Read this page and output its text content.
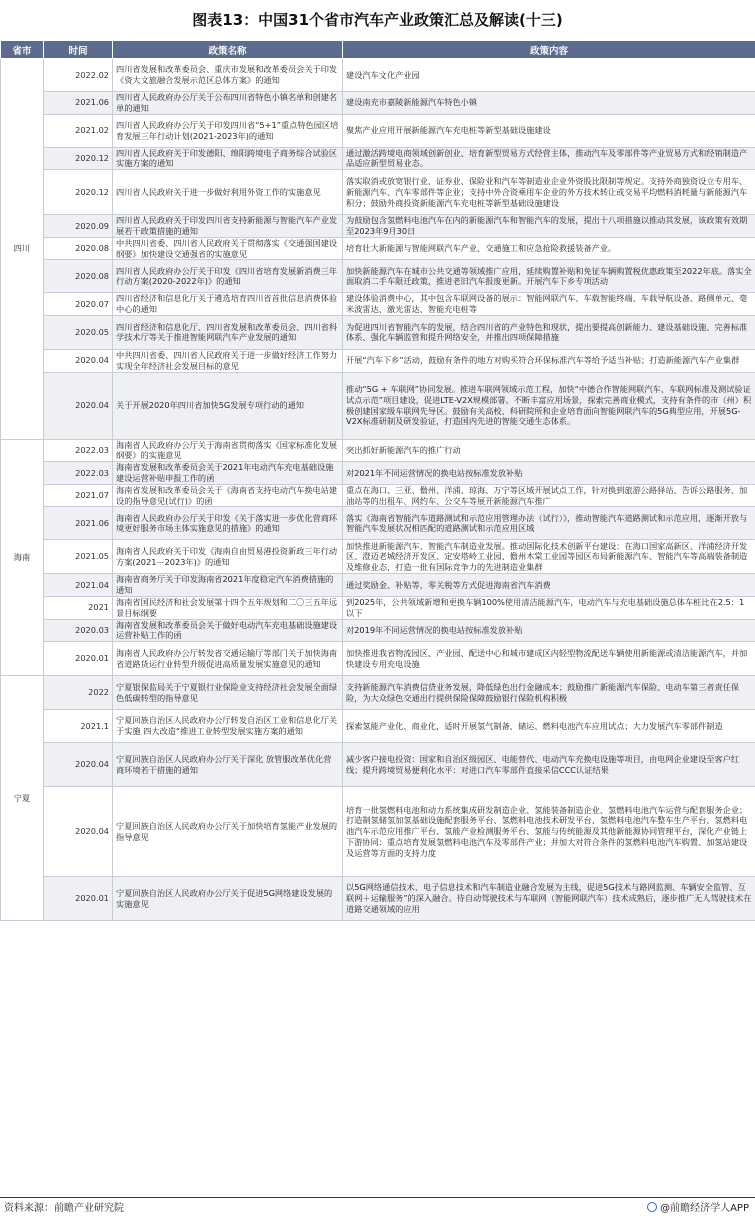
图表13：中国31个省市汽车产业政策汇总及解读(十三)
省市	时间	政策名称	政策内容
四川	2022.02	四川省发展和改革委员会、重庆市发展和改革委员会关于印发《资大文旅融合发展示范区总体方案》的通知	建设汽车文化产业园
	2021.06	四川省人民政府办公厅关于公布四川省特色小镇名单和创建名单的通知	建设南充市嘉陵新能源汽车特色小镇
	2021.02	四川省人民政府办公厅关于印发四川省“5+1”重点特色园区培育发展三年行动计划(2021-2023年)的通知	聚焦产业应用开展新能源汽车充电桩等新型基础设施建设
	2020.12	四川省人民政府关于印发德阳、绵阳跨境电子商务综合试验区实施方案的通知	通过激活跨境电商领域创新创业、培育新型贸易方式经营主体，推动汽车及零部件等产业贸易方式和经销制造产品适应新型贸易业态。
	2020.12	四川省人民政府关于进一步做好利用外资工作的实施意见	落实取消或放宽银行业、证券业、保险业和汽车等制造业企业外资股比限制等规定。支持外商独资设立专用车、新能源汽车、汽车零部件等企业；支持中外合资乘用车企业的外方技术转让或交易平均燃料消耗量与新能源汽车积分；鼓励外商投资新能源汽车充电桩等新型基础设施建设
	2020.09	四川省人民政府关于印发四川省支持新能源与智能汽车产业发展若干政策措施的通知	为鼓励包含氢燃料电池汽车在内的新能源汽车和智能汽车的发展，提出十八项措施以推动其发展，该政策有效期至2023年9月30日
	2020.08	中共四川省委、四川省人民政府关于贯彻落实《交通强国建设纲要》加快建设交通强省的实施意见	培育壮大新能源与智能网联汽车产业、交通施工和应急抢险救援装备产业。
	2020.08	四川省人民政府办公厅关于印发《四川省培育发展新消费三年行动方案(2020-2022年)》的通知	加快新能源汽车在城市公共交通等领域推广应用，延续购置补贴和免征车辆购置税优惠政策至2022年底。落实全面取消二手车限迁政策，推进老旧汽车报废更新。开展汽车下乡专项活动
	2020.07	四川省经济和信息化厅关于遴选培育四川省首批信息消费体验中心的通知	建设体验消费中心，其中包含车联网设备的展示：智能网联汽车、车载智能终端、车载导航设备、路侧单元、毫米波雷达、激光雷达、智能充电桩等
	2020.05	四川省经济和信息化厅、四川省发展和改革委员会、四川省科学技术厅等关于推进智能网联汽车产业发展的通知	为促进四川省智能汽车的发展，结合四川省的产业特色和现状，提出要提高创新能力、建设基础设施、完善标准体系、强化车辆监管和提升网络安全，并推出四项保障措施
	2020.04	中共四川省委、四川省人民政府关于进一步做好经济工作努力实现全年经济社会发展目标的意见	开展“汽车下乡”活动，鼓励有条件的地方对购买符合环保标准汽车等给予适当补贴；打造新能源汽车产业集群
	2020.04	关于开展2020年四川省加快5G发展专项行动的通知	推动“5G + 车联网”协同发展。推进车联网领域示范工程，加快“中德合作智能网联汽车、车联网标准及测试验证试点示范”项目建设，促进LTE-V2X规模部署。不断丰富应用场景，探索完善商业模式，支持有条件的市（州）积极创建国家级车联网先导区。鼓励有关高校、科研院所和企业培育面向智能网联汽车的5G典型应用，开展5G-V2X标准研制及研发验证，打造国内先进的智能交通生态体系。
海南	2022.03	海南省人民政府办公厅关于海南省贯彻落实《国家标准化发展纲要》的实施意见	突出抓好新能源汽车的推广行动
	2022.03	海南省发展和改革委员会关于2021年电动汽车充电基础设施建设运营补贴申报工作的函	对2021年不同运营情况的换电站按标准发放补贴
	2021.07	海南省发展和改革委员会关于《海南省支持电动汽车换电站建设的指导意见(试行)》的函	重点在海口、三亚、儋州、洋浦、琼海、万宁等区域开展试点工作，针对换到旅游公路驿站、告诉公路服务、加油站等的出租车、网约车、公交车等展开新能源汽车推广
	2021.06	海南省人民政府办公厅关于印发《关于落实进一步优化营商环境更好服务市场主体实施意见的措施》的通知	落实《海南省智能汽车道路测试和示范应用管理办法（试行）》，推动智能汽车道路测试和示范应用，逐渐开放与智能汽车发展状况相匹配的道路测试和示范应用区域
	2021.05	海南省人民政府关于印发《海南自由贸易港投资新政三年行动方案(2021－2023年)》的通知	加快推进新能源汽车、智能汽车制造业发展。推动国际化技术创新平台建设：在海口国家高新区、洋浦经济开发区、澄迈老城经济开发区、定安塔岭工业园、儋州木棠工业园等园区布局新能源汽车、智能汽车等高端装备制造及维修业态，打造一批有国际竞争力的先进制造业集群
	2021.04	海南省商务厅关于印发海南省2021年度稳定汽车消费措施的通知	通过奖励金、补贴等，零关税等方式促进海南省汽车消费
	2021	海南省国民经济和社会发展第十四个五年规划和二〇三五年远景目标纲要	到2025年，公共领域新增和更换车辆100%使用清洁能源汽车，电动汽车与充电基础设施总体车桩比在2.5：1以下
	2020.03	海南省发展和改革委员会关于做好电动汽车充电基础设施建设运营补贴工作的函	对2019年不同运营情况的换电站按标准发放补贴
	2020.01	海南省人民政府办公厅转发省交通运输厅等部门关于加快海南省道路货运行业转型升级促进高质量发展实施意见的通知	加快推进我省物流园区、产业园、配送中心和城市建成区内轻型物流配送车辆使用新能源或清洁能源汽车，并加快建设专用充电设施
宁夏	2022	宁夏银保监局关于宁夏银行业保险业支持经济社会发展全面绿色低碳转型的指导意见	支持新能源汽车消费信贷业务发展，降低绿色出行金融成本；鼓励推广新能源汽车保险、电动车第三者责任保险，为大众绿色交通出行提供保险保障鼓励银行保险机构积极
	2021.1	宁夏回族自治区人民政府办公厅转发自治区工业和信息化厅关于实施 四大改造“推进工业转型发展实施方案的通知	探索氢能产业化、商业化，适时开展氢气制备、储运、燃料电池汽车应用试点；大力发展汽车零部件制造
	2020.04	宁夏回族自治区人民政府办公厅关于深化 放管服改革优化营商环境若干措施的通知	减少客户接电投资：国家和自治区级园区、电能替代、电动汽车充换电设施等项目，由电网企业建设至客户红线；提升跨境贸易便利化水平：对进口汽车零部件直接采信CCC认证结果
	2020.04	宁夏回族自治区人民政府办公厅关于加快培育氢能产业发展的指导意见	培育一批氢燃料电池和动力系统集成研发制造企业、氢能装备制造企业、氢燃料电池汽车运营与配套服务企业；打造制氢储氢加氢基础设施配套服务平台、氢燃料电池技术研发平台、氢燃料电池汽车整车生产平台、氢燃料电池汽车示范应用推广平台、氢能产业检测服务平台、氢能与传统能源及其他新能源协同管理平台，深化产业链上下游协同：重点培育发展氢燃料电池汽车及零部件产业；并加大对符合条件的氢燃料电池汽车购置、加氢站建设及运营等方面的支持力度
	2020.01	宁夏回族自治区人民政府办公厅关于促进5G网络建设发展的实施意见	以5G网络通信技术、电子信息技术和汽车制造业融合发展为主线，促进5G技术与路网监测、车辆安全监管、互联网＋运输服务”的深入融合。待自动驾驶技术与车联网（智能网联汽车）技术成熟后，逐步推广无人驾驶技术在道路交通领域的应用
资料来源：前瞻产业研究院	@前瞻经济学人APP
